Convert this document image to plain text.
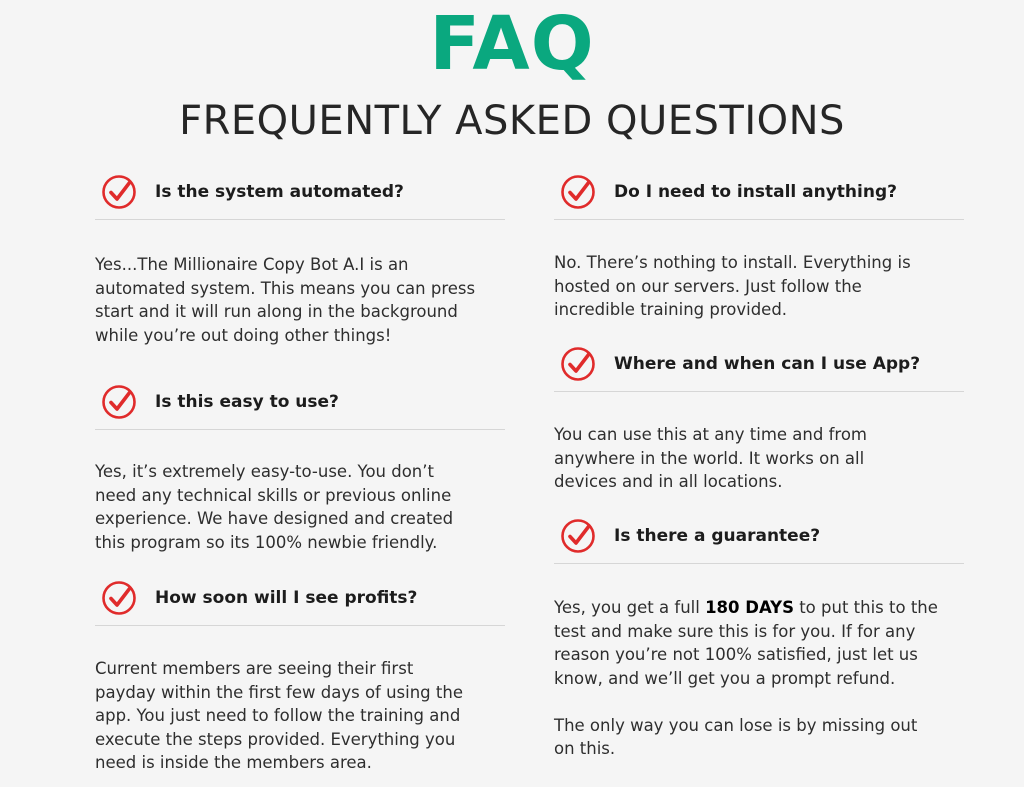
FAQ
FREQUENTLY ASKED QUESTIONS
Is the system automated?
Yes...The Millionaire Copy Bot A.I is an
automated system. This means you can press
start and it will run along in the background
while you’re out doing other things!
Is this easy to use?
Yes, it’s extremely easy-to-use. You don’t
need any technical skills or previous online
experience. We have designed and created
this program so its 100% newbie friendly.
How soon will I see profits?
Current members are seeing their first
payday within the first few days of using the
app. You just need to follow the training and
execute the steps provided. Everything you
need is inside the members area.
Do I need to install anything?
No. There’s nothing to install. Everything is
hosted on our servers. Just follow the
incredible training provided.
Where and when can I use App?
You can use this at any time and from
anywhere in the world. It works on all
devices and in all locations.
Is there a guarantee?
Yes, you get a full 180 DAYS to put this to the
test and make sure this is for you. If for any
reason you’re not 100% satisfied, just let us
know, and we’ll get you a prompt refund.

The only way you can lose is by missing out
on this.
